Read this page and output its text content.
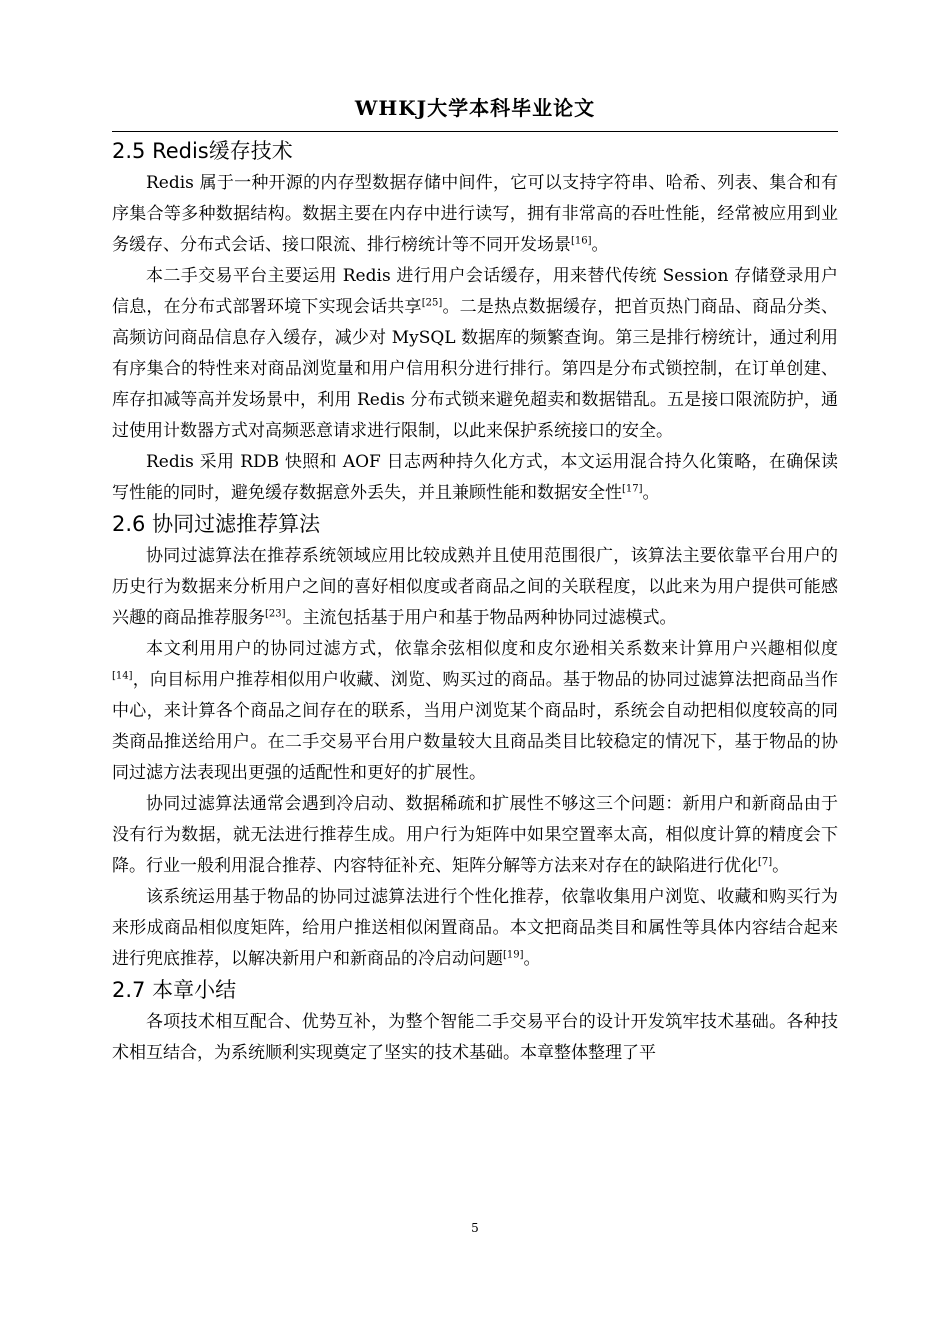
WHKJ大学本科毕业论文
2.5 Redis缓存技术

Redis 属于一种开源的内存型数据存储中间件，它可以支持字符串、哈希、列表、集合和有序集合等多种数据结构。数据主要在内存中进行读写，拥有非常高的吞吐性能，经常被应用到业务缓存、分布式会话、接口限流、排行榜统计等不同开发场景[16]。

本二手交易平台主要运用 Redis 进行用户会话缓存，用来替代传统 Session 存储登录用户信息，在分布式部署环境下实现会话共享[25]。二是热点数据缓存，把首页热门商品、商品分类、高频访问商品信息存入缓存，减少对 MySQL 数据库的频繁查询。第三是排行榜统计，通过利用有序集合的特性来对商品浏览量和用户信用积分进行排行。第四是分布式锁控制，在订单创建、库存扣减等高并发场景中，利用 Redis 分布式锁来避免超卖和数据错乱。五是接口限流防护，通过使用计数器方式对高频恶意请求进行限制，以此来保护系统接口的安全。

Redis 采用 RDB 快照和 AOF 日志两种持久化方式，本文运用混合持久化策略，在确保读写性能的同时，避免缓存数据意外丢失，并且兼顾性能和数据安全性[17]。

2.6 协同过滤推荐算法

协同过滤算法在推荐系统领域应用比较成熟并且使用范围很广，该算法主要依靠平台用户的历史行为数据来分析用户之间的喜好相似度或者商品之间的关联程度，以此来为用户提供可能感兴趣的商品推荐服务[23]。主流包括基于用户和基于物品两种协同过滤模式。

本文利用用户的协同过滤方式，依靠余弦相似度和皮尔逊相关系数来计算用户兴趣相似度[14]，向目标用户推荐相似用户收藏、浏览、购买过的商品。基于物品的协同过滤算法把商品当作中心，来计算各个商品之间存在的联系，当用户浏览某个商品时，系统会自动把相似度较高的同类商品推送给用户。在二手交易平台用户数量较大且商品类目比较稳定的情况下，基于物品的协同过滤方法表现出更强的适配性和更好的扩展性。

协同过滤算法通常会遇到冷启动、数据稀疏和扩展性不够这三个问题：新用户和新商品由于没有行为数据，就无法进行推荐生成。用户行为矩阵中如果空置率太高，相似度计算的精度会下降。行业一般利用混合推荐、内容特征补充、矩阵分解等方法来对存在的缺陷进行优化[7]。

该系统运用基于物品的协同过滤算法进行个性化推荐，依靠收集用户浏览、收藏和购买行为来形成商品相似度矩阵，给用户推送相似闲置商品。本文把商品类目和属性等具体内容结合起来进行兜底推荐，以解决新用户和新商品的冷启动问题[19]。

2.7 本章小结

各项技术相互配合、优势互补，为整个智能二手交易平台的设计开发筑牢技术基础。各种技术相互结合，为系统顺利实现奠定了坚实的技术基础。本章整体整理了平

5
